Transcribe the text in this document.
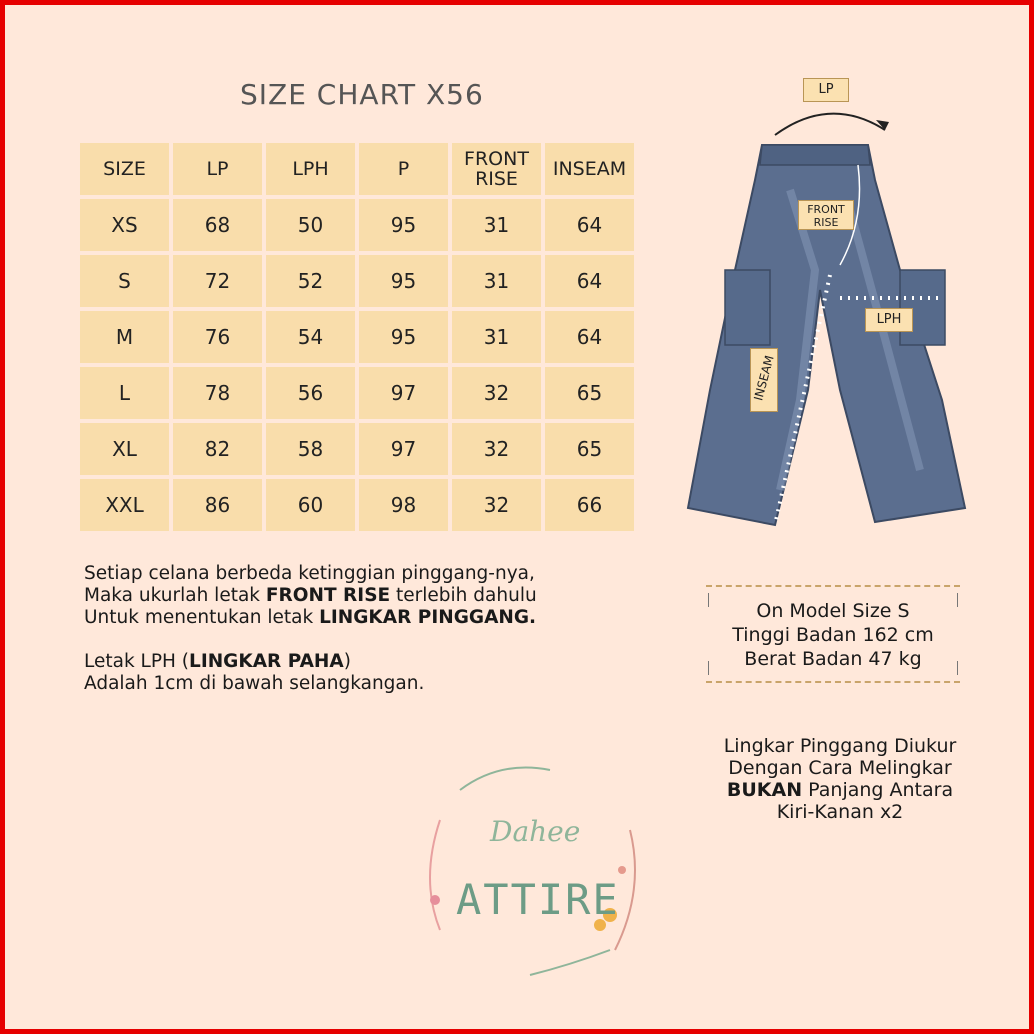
SIZE CHART X56
SIZE	LP	LPH	P	FRONT RISE	INSEAM
XS	68	50	95	31	64
S	72	52	95	31	64
M	76	54	95	31	64
L	78	56	97	32	65
XL	82	58	97	32	65
XXL	86	60	98	32	66
Setiap celana berbeda ketinggian pinggang-nya,
Maka ukurlah letak FRONT RISE terlebih dahulu
Untuk menentukan letak LINGKAR PINGGANG.
Letak LPH (LINGKAR PAHA)
Adalah 1cm di bawah selangkangan.
LP
FRONT
RISE
LPH
INSEAM
On Model Size S
Tinggi Badan 162 cm
Berat Badan 47 kg
Lingkar Pinggang Diukur
Dengan Cara Melingkar
BUKAN Panjang Antara
Kiri-Kanan x2
Dahee
ATTIRE
